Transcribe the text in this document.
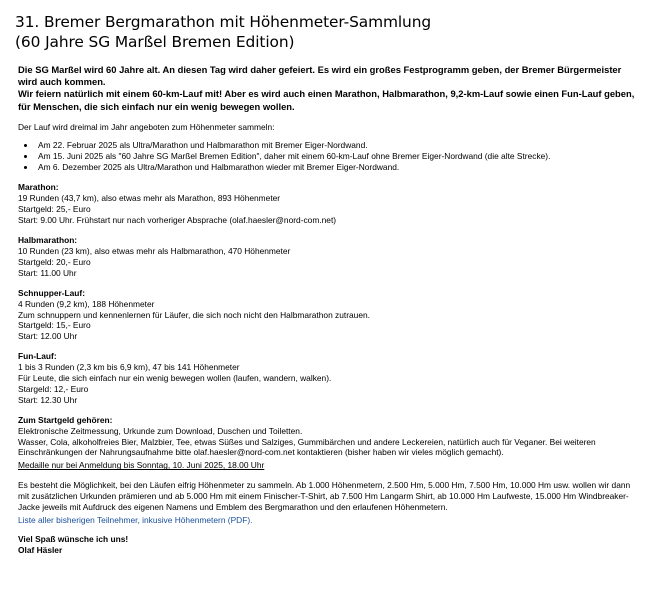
31. Bremer Bergmarathon mit Höhenmeter-Sammlung
(60 Jahre SG Marßel Bremen Edition)

Die SG Marßel wird 60 Jahre alt. An diesen Tag wird daher gefeiert. Es wird ein großes Festprogramm geben, der Bremer Bürgermeister wird auch kommen.

Wir feiern natürlich mit einem 60-km-Lauf mit! Aber es wird auch einen Marathon, Halbmarathon, 9,2-km-Lauf sowie einen Fun-Lauf geben, für Menschen, die sich einfach nur ein wenig bewegen wollen.

Der Lauf wird dreimal im Jahr angeboten zum Höhenmeter sammeln:

• Am 22. Februar 2025 als Ultra/Marathon und Halbmarathon mit Bremer Eiger-Nordwand.
• Am 15. Juni 2025 als "60 Jahre SG Marßel Bremen Edition", daher mit einem 60-km-Lauf ohne Bremer Eiger-Nordwand (die alte Strecke).
• Am 6. Dezember 2025 als Ultra/Marathon und Halbmarathon wieder mit Bremer Eiger-Nordwand.
Marathon:
19 Runden (43,7 km), also etwas mehr als Marathon, 893 Höhenmeter
Startgeld: 25,- Euro
Start: 9.00 Uhr. Frühstart nur nach vorheriger Absprache (olaf.haesler@nord-com.net)
Halbmarathon:
10 Runden (23 km), also etwas mehr als Halbmarathon, 470 Höhenmeter
Startgeld: 20,- Euro
Start: 11.00 Uhr
Schnupper-Lauf:
4 Runden (9,2 km), 188 Höhenmeter
Zum schnuppern und kennenlernen für Läufer, die sich noch nicht den Halbmarathon zutrauen.
Startgeld: 15,- Euro
Start: 12.00 Uhr
Fun-Lauf:
1 bis 3 Runden (2,3 km bis 6,9 km), 47 bis 141 Höhenmeter
Für Leute, die sich einfach nur ein wenig bewegen wollen (laufen, wandern, walken).
Stargeld: 12,- Euro
Start: 12.30 Uhr
Zum Startgeld gehören:
Elektronische Zeitmessung, Urkunde zum Download, Duschen und Toiletten.
Wasser, Cola, alkoholfreies Bier, Malzbier, Tee, etwas Süßes und Salziges, Gummibärchen und andere Leckereien, natürlich auch für Veganer. Bei weiteren Einschränkungen der Nahrungsaufnahme bitte olaf.haesler@nord-com.net kontaktieren (bisher haben wir vieles möglich gemacht).
Medaille nur bei Anmeldung bis Sonntag, 10. Juni 2025, 18.00 Uhr

Es besteht die Möglichkeit, bei den Läufen eifrig Höhenmeter zu sammeln. Ab 1.000 Höhenmetern, 2.500 Hm, 5.000 Hm, 7.500 Hm, 10.000 Hm usw. wollen wir dann mit zusätzlichen Urkunden prämieren und ab 5.000 Hm mit einem Finischer-T-Shirt, ab 7.500 Hm Langarm Shirt, ab 10.000 Hm Laufweste, 15.000 Hm Windbreaker-Jacke jeweils mit Aufdruck des eigenen Namens und Emblem des Bergmarathon und den erlaufenen Höhenmetern.

Liste aller bisherigen Teilnehmer, inkusive Höhenmetern (PDF).
Viel Spaß wünsche ich uns!
Olaf Häsler
